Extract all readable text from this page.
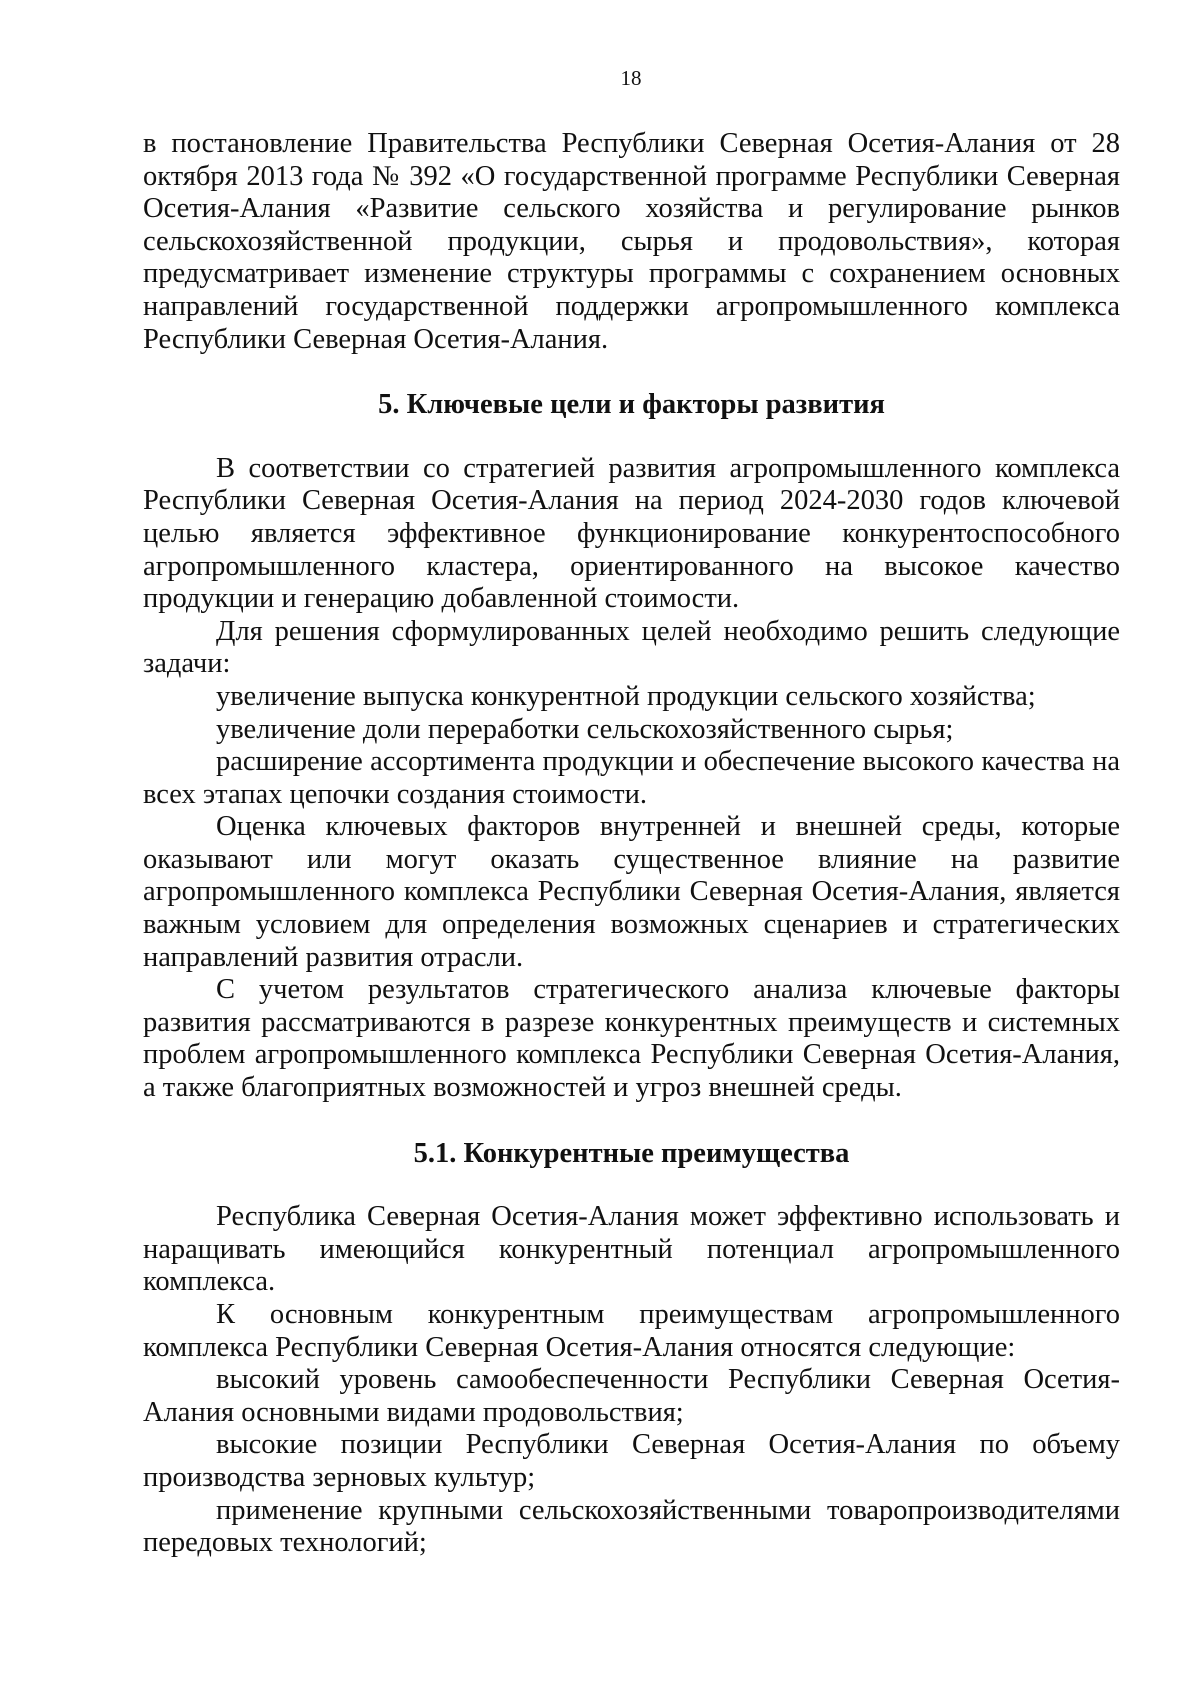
18

в постановление Правительства Республики Северная Осетия-Алания от 28 октября 2013 года № 392 «О государственной программе Республики Северная Осетия-Алания «Развитие сельского хозяйства и регулирование рынков сельскохозяйственной продукции, сырья и продовольствия», которая предусматривает изменение структуры программы с сохранением основных направлений государственной поддержки агропромышленного комплекса Республики Северная Осетия-Алания.

5. Ключевые цели и факторы развития

В соответствии со стратегией развития агропромышленного комплекса Республики Северная Осетия-Алания на период 2024-2030 годов ключевой целью является эффективное функционирование конкурентоспособного агропромышленного кластера, ориентированного на высокое качество продукции и генерацию добавленной стоимости.

Для решения сформулированных целей необходимо решить следующие задачи:

увеличение выпуска конкурентной продукции сельского хозяйства;

увеличение доли переработки сельскохозяйственного сырья;

расширение ассортимента продукции и обеспечение высокого качества на всех этапах цепочки создания стоимости.

Оценка ключевых факторов внутренней и внешней среды, которые оказывают или могут оказать существенное влияние на развитие агропромышленного комплекса Республики Северная Осетия-Алания, является важным условием для определения возможных сценариев и стратегических направлений развития отрасли.

С учетом результатов стратегического анализа ключевые факторы развития рассматриваются в разрезе конкурентных преимуществ и системных проблем агропромышленного комплекса Республики Северная Осетия-Алания, а также благоприятных возможностей и угроз внешней среды.

5.1. Конкурентные преимущества

Республика Северная Осетия-Алания может эффективно использовать и наращивать имеющийся конкурентный потенциал агропромышленного комплекса.

К основным конкурентным преимуществам агропромышленного комплекса Республики Северная Осетия-Алания относятся следующие:

высокий уровень самообеспеченности Республики Северная Осетия-Алания основными видами продовольствия;

высокие позиции Республики Северная Осетия-Алания по объему производства зерновых культур;

применение крупными сельскохозяйственными товаропроизводителями передовых технологий;
